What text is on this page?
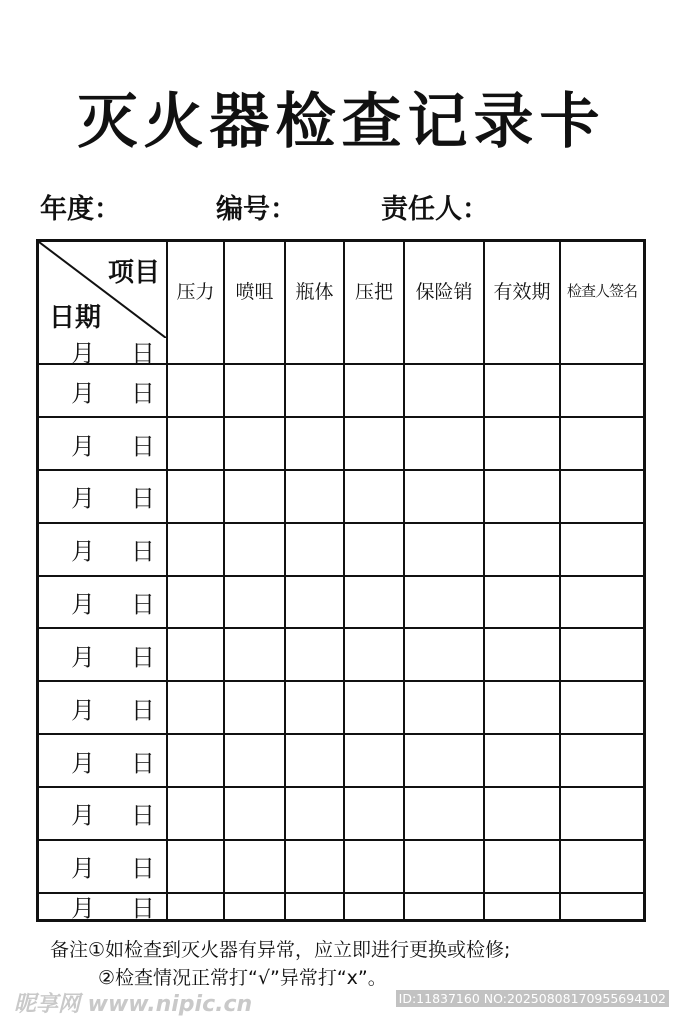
灭火器检查记录卡
年度：	编号：	责任人：
项目
日期	压力	喷咀	瓶体	压把	保险销	有效期	检查人签名

月 日							

月 日							

月 日							

月 日							

月 日							

月 日							

月 日							

月 日							

月 日							

月 日							

月 日							

月 日							

备注①如检查到灭火器有异常，应立即进行更换或检修;
②检查情况正常打“√”异常打“x”。
昵享网 www.nipic.cn	ID:11837160 NO:20250808170955694102
